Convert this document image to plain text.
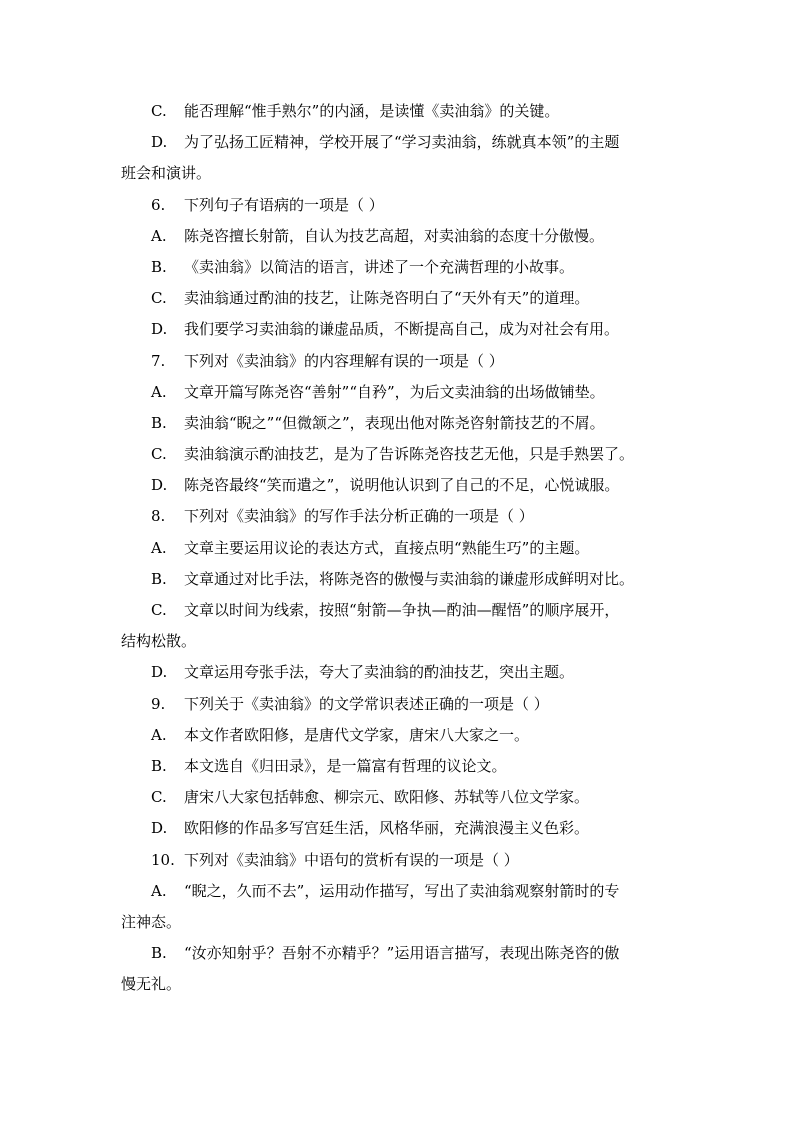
C. 能否理解“惟手熟尔”的内涵，是读懂《卖油翁》的关键。
D. 为了弘扬工匠精神，学校开展了“学习卖油翁，练就真本领”的主题
班会和演讲。
6. 下列句子有语病的一项是（ ）
A. 陈尧咨擅长射箭，自认为技艺高超，对卖油翁的态度十分傲慢。
B. 《卖油翁》以简洁的语言，讲述了一个充满哲理的小故事。
C. 卖油翁通过酌油的技艺，让陈尧咨明白了“天外有天”的道理。
D. 我们要学习卖油翁的谦虚品质，不断提高自己，成为对社会有用。
7. 下列对《卖油翁》的内容理解有误的一项是（ ）
A. 文章开篇写陈尧咨“善射”“自矜”，为后文卖油翁的出场做铺垫。
B. 卖油翁“睨之”“但微颔之”，表现出他对陈尧咨射箭技艺的不屑。
C. 卖油翁演示酌油技艺，是为了告诉陈尧咨技艺无他，只是手熟罢了。
D. 陈尧咨最终“笑而遣之”，说明他认识到了自己的不足，心悦诚服。
8. 下列对《卖油翁》的写作手法分析正确的一项是（ ）
A. 文章主要运用议论的表达方式，直接点明“熟能生巧”的主题。
B. 文章通过对比手法，将陈尧咨的傲慢与卖油翁的谦虚形成鲜明对比。
C. 文章以时间为线索，按照“射箭—争执—酌油—醒悟”的顺序展开，
结构松散。
D. 文章运用夸张手法，夸大了卖油翁的酌油技艺，突出主题。
9. 下列关于《卖油翁》的文学常识表述正确的一项是（ ）
A. 本文作者欧阳修，是唐代文学家，唐宋八大家之一。
B. 本文选自《归田录》，是一篇富有哲理的议论文。
C. 唐宋八大家包括韩愈、柳宗元、欧阳修、苏轼等八位文学家。
D. 欧阳修的作品多写宫廷生活，风格华丽，充满浪漫主义色彩。
10. 下列对《卖油翁》中语句的赏析有误的一项是（ ）
A. “睨之，久而不去”，运用动作描写，写出了卖油翁观察射箭时的专
注神态。
B. “汝亦知射乎？吾射不亦精乎？”运用语言描写，表现出陈尧咨的傲
慢无礼。
